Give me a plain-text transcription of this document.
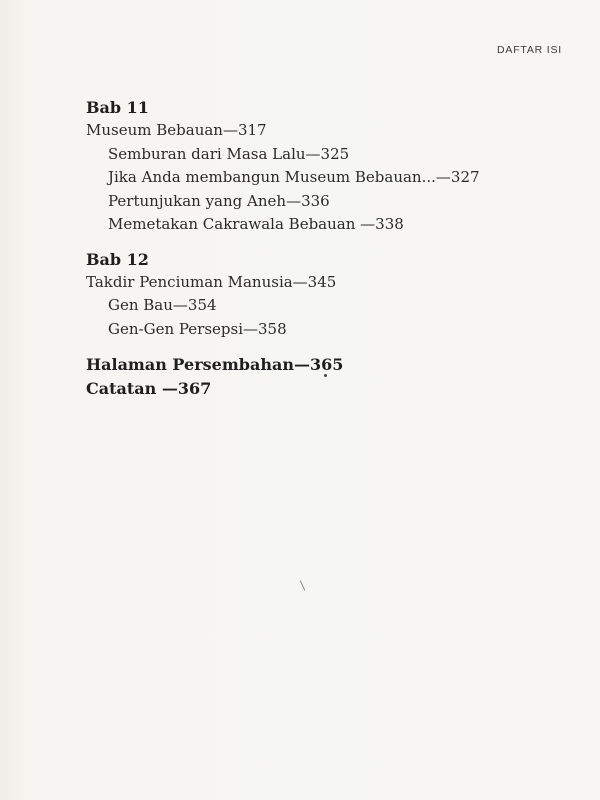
DAFTAR ISI
Bab 11
Museum Bebauan—317
Semburan dari Masa Lalu—325
Jika Anda membangun Museum Bebauan...—327
Pertunjukan yang Aneh—336
Memetakan Cakrawala Bebauan —338
Bab 12
Takdir Penciuman Manusia—345
Gen Bau—354
Gen-Gen Persepsi—358
Halaman Persembahan—365
Catatan —367
